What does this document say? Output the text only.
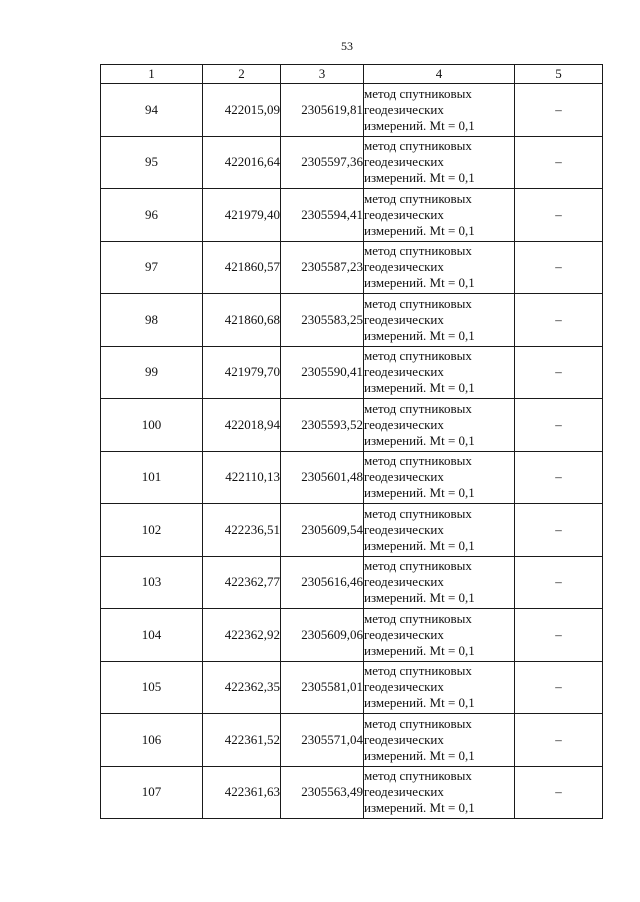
53
1	2	3	4	5
94	422015,09	2305619,81	метод спутниковых
геодезических
измерений. Mt = 0,1	–
95	422016,64	2305597,36	метод спутниковых
геодезических
измерений. Mt = 0,1	–
96	421979,40	2305594,41	метод спутниковых
геодезических
измерений. Mt = 0,1	–
97	421860,57	2305587,23	метод спутниковых
геодезических
измерений. Mt = 0,1	–
98	421860,68	2305583,25	метод спутниковых
геодезических
измерений. Mt = 0,1	–
99	421979,70	2305590,41	метод спутниковых
геодезических
измерений. Mt = 0,1	–
100	422018,94	2305593,52	метод спутниковых
геодезических
измерений. Mt = 0,1	–
101	422110,13	2305601,48	метод спутниковых
геодезических
измерений. Mt = 0,1	–
102	422236,51	2305609,54	метод спутниковых
геодезических
измерений. Mt = 0,1	–
103	422362,77	2305616,46	метод спутниковых
геодезических
измерений. Mt = 0,1	–
104	422362,92	2305609,06	метод спутниковых
геодезических
измерений. Mt = 0,1	–
105	422362,35	2305581,01	метод спутниковых
геодезических
измерений. Mt = 0,1	–
106	422361,52	2305571,04	метод спутниковых
геодезических
измерений. Mt = 0,1	–
107	422361,63	2305563,49	метод спутниковых
геодезических
измерений. Mt = 0,1	–
